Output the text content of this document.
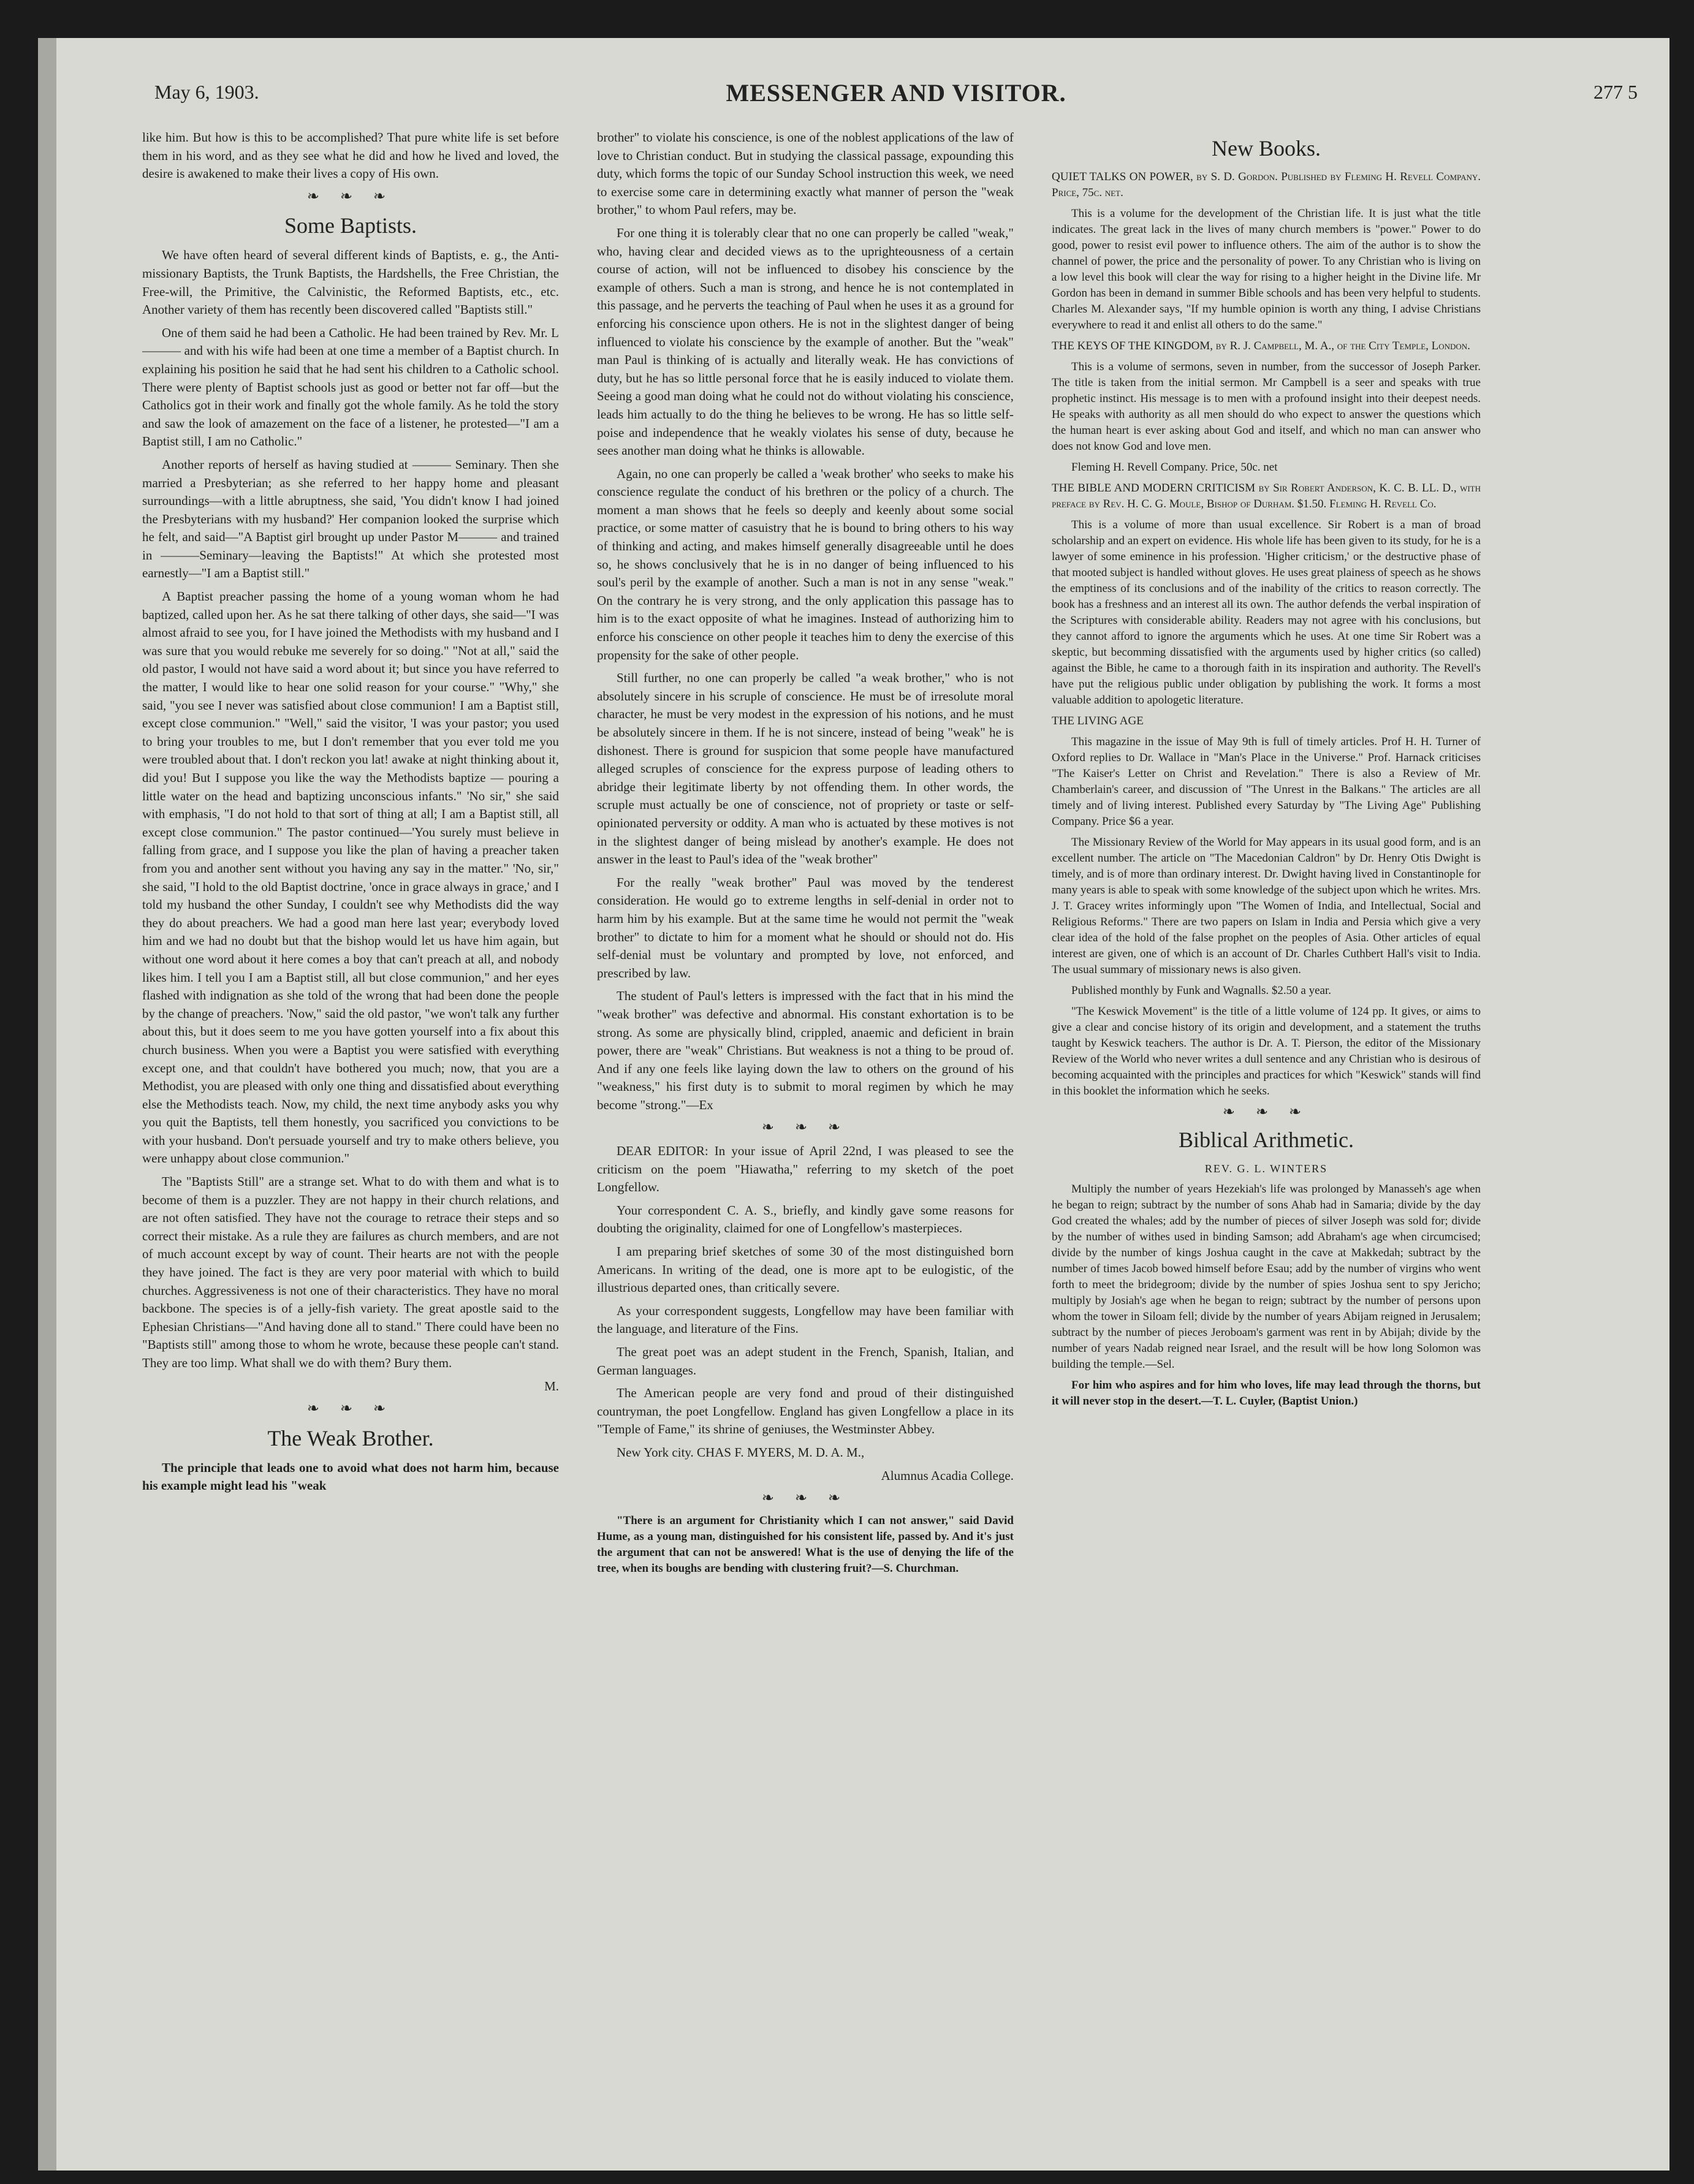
May 6, 1903.	MESSENGER AND VISITOR.	277 5

like him. But how is this to be accomplished? That pure white life is set before them in his word, and as they see what he did and how he lived and loved, the desire is awakened to make their lives a copy of His own.

❧ ❧ ❧

Some Baptists.

We have often heard of several different kinds of Baptists, e. g., the Anti-missionary Baptists, the Trunk Baptists, the Hardshells, the Free Christian, the Free-will, the Primitive, the Calvinistic, the Reformed Baptists, etc., etc. Another variety of them has recently been discovered called "Baptists still."

One of them said he had been a Catholic. He had been trained by Rev. Mr. L——— and with his wife had been at one time a member of a Baptist church. In explaining his position he said that he had sent his children to a Catholic school. There were plenty of Baptist schools just as good or better not far off—but the Catholics got in their work and finally got the whole family. As he told the story and saw the look of amazement on the face of a listener, he protested—"I am a Baptist still, I am no Catholic."

Another reports of herself as having studied at ——— Seminary. Then she married a Presbyterian; as she referred to her happy home and pleasant surroundings—with a little abruptness, she said, 'You didn't know I had joined the Presbyterians with my husband?' Her companion looked the surprise which he felt, and said—"A Baptist girl brought up under Pastor M——— and trained in ———Seminary—leaving the Baptists!" At which she protested most earnestly—"I am a Baptist still."

A Baptist preacher passing the home of a young woman whom he had baptized, called upon her. As he sat there talking of other days, she said—"I was almost afraid to see you, for I have joined the Methodists with my husband and I was sure that you would rebuke me severely for so doing." "Not at all," said the old pastor, I would not have said a word about it; but since you have referred to the matter, I would like to hear one solid reason for your course." "Why," she said, "you see I never was satisfied about close communion! I am a Baptist still, except close communion." "Well," said the visitor, 'I was your pastor; you used to bring your troubles to me, but I don't remember that you ever told me you were troubled about that. I don't reckon you lat! awake at night thinking about it, did you! But I suppose you like the way the Methodists baptize — pouring a little water on the head and baptizing unconscious infants." 'No sir," she said with emphasis, "I do not hold to that sort of thing at all; I am a Baptist still, all except close communion." The pastor continued—'You surely must believe in falling from grace, and I suppose you like the plan of having a preacher taken from you and another sent without you having any say in the matter." 'No, sir," she said, "I hold to the old Baptist doctrine, 'once in grace always in grace,' and I told my husband the other Sunday, I couldn't see why Methodists did the way they do about preachers. We had a good man here last year; everybody loved him and we had no doubt but that the bishop would let us have him again, but without one word about it here comes a boy that can't preach at all, and nobody likes him. I tell you I am a Baptist still, all but close communion," and her eyes flashed with indignation as she told of the wrong that had been done the people by the change of preachers. 'Now," said the old pastor, "we won't talk any further about this, but it does seem to me you have gotten yourself into a fix about this church business. When you were a Baptist you were satisfied with everything except one, and that couldn't have bothered you much; now, that you are a Methodist, you are pleased with only one thing and dissatisfied about everything else the Methodists teach. Now, my child, the next time anybody asks you why you quit the Baptists, tell them honestly, you sacrificed you convictions to be with your husband. Don't persuade yourself and try to make others believe, you were unhappy about close communion."

The "Baptists Still" are a strange set. What to do with them and what is to become of them is a puzzler. They are not happy in their church relations, and are not often satisfied. They have not the courage to retrace their steps and so correct their mistake. As a rule they are failures as church members, and are not of much account except by way of count. Their hearts are not with the people they have joined. The fact is they are very poor material with which to build churches. Aggressiveness is not one of their characteristics. They have no moral backbone. The species is of a jelly-fish variety. The great apostle said to the Ephesian Christians—"And having done all to stand." There could have been no "Baptists still" among those to whom he wrote, because these people can't stand. They are too limp. What shall we do with them? Bury them.

M.

❧ ❧ ❧

The Weak Brother.

The principle that leads one to avoid what does not harm him, because his example might lead his "weak

brother" to violate his conscience, is one of the noblest applications of the law of love to Christian conduct. But in studying the classical passage, expounding this duty, which forms the topic of our Sunday School instruction this week, we need to exercise some care in determining exactly what manner of person the "weak brother," to whom Paul refers, may be.

For one thing it is tolerably clear that no one can properly be called "weak," who, having clear and decided views as to the uprighteousness of a certain course of action, will not be influenced to disobey his conscience by the example of others. Such a man is strong, and hence he is not contemplated in this passage, and he perverts the teaching of Paul when he uses it as a ground for enforcing his conscience upon others. He is not in the slightest danger of being influenced to violate his conscience by the example of another. But the "weak" man Paul is thinking of is actually and literally weak. He has convictions of duty, but he has so little personal force that he is easily induced to violate them. Seeing a good man doing what he could not do without violating his conscience, leads him actually to do the thing he believes to be wrong. He has so little self-poise and independence that he weakly violates his sense of duty, because he sees another man doing what he thinks is allowable.

Again, no one can properly be called a 'weak brother' who seeks to make his conscience regulate the conduct of his brethren or the policy of a church. The moment a man shows that he feels so deeply and keenly about some social practice, or some matter of casuistry that he is bound to bring others to his way of thinking and acting, and makes himself generally disagreeable until he does so, he shows conclusively that he is in no danger of being influenced to his soul's peril by the example of another. Such a man is not in any sense "weak." On the contrary he is very strong, and the only application this passage has to him is to the exact opposite of what he imagines. Instead of authorizing him to enforce his conscience on other people it teaches him to deny the exercise of this propensity for the sake of other people.

Still further, no one can properly be called "a weak brother," who is not absolutely sincere in his scruple of conscience. He must be of irresolute moral character, he must be very modest in the expression of his notions, and he must be absolutely sincere in them. If he is not sincere, instead of being "weak" he is dishonest. There is ground for suspicion that some people have manufactured alleged scruples of conscience for the express purpose of leading others to abridge their legitimate liberty by not offending them. In other words, the scruple must actually be one of conscience, not of propriety or taste or self-opinionated perversity or oddity. A man who is actuated by these motives is not in the slightest danger of being mislead by another's example. He does not answer in the least to Paul's idea of the "weak brother"

For the really "weak brother" Paul was moved by the tenderest consideration. He would go to extreme lengths in self-denial in order not to harm him by his example. But at the same time he would not permit the "weak brother" to dictate to him for a moment what he should or should not do. His self-denial must be voluntary and prompted by love, not enforced, and prescribed by law.

The student of Paul's letters is impressed with the fact that in his mind the "weak brother" was defective and abnormal. His constant exhortation is to be strong. As some are physically blind, crippled, anaemic and deficient in brain power, there are "weak" Christians. But weakness is not a thing to be proud of. And if any one feels like laying down the law to others on the ground of his "weakness," his first duty is to submit to moral regimen by which he may become "strong."—Ex

❧ ❧ ❧

DEAR EDITOR: In your issue of April 22nd, I was pleased to see the criticism on the poem "Hiawatha," referring to my sketch of the poet Longfellow.

Your correspondent C. A. S., briefly, and kindly gave some reasons for doubting the originality, claimed for one of Longfellow's masterpieces.

I am preparing brief sketches of some 30 of the most distinguished born Americans. In writing of the dead, one is more apt to be eulogistic, of the illustrious departed ones, than critically severe.

As your correspondent suggests, Longfellow may have been familiar with the language, and literature of the Fins.

The great poet was an adept student in the French, Spanish, Italian, and German languages.

The American people are very fond and proud of their distinguished countryman, the poet Longfellow. England has given Longfellow a place in its "Temple of Fame," its shrine of geniuses, the Westminster Abbey.

New York city. CHAS F. MYERS, M. D. A. M.,

Alumnus Acadia College.

❧ ❧ ❧

"There is an argument for Christianity which I can not answer," said David Hume, as a young man, distinguished for his consistent life, passed by. And it's just the argument that can not be answered! What is the use of denying the life of the tree, when its boughs are bending with clustering fruit?—S. Churchman.

New Books.

QUIET TALKS ON POWER, by S. D. Gordon. Published by Fleming H. Revell Company. Price, 75c. net.

This is a volume for the development of the Christian life. It is just what the title indicates. The great lack in the lives of many church members is "power." Power to do good, power to resist evil power to influence others. The aim of the author is to show the channel of power, the price and the personality of power. To any Christian who is living on a low level this book will clear the way for rising to a higher height in the Divine life. Mr Gordon has been in demand in summer Bible schools and has been very helpful to students. Charles M. Alexander says, "If my humble opinion is worth any thing, I advise Christians everywhere to read it and enlist all others to do the same."

THE KEYS OF THE KINGDOM, by R. J. Campbell, M. A., of the City Temple, London.

This is a volume of sermons, seven in number, from the successor of Joseph Parker. The title is taken from the initial sermon. Mr Campbell is a seer and speaks with true prophetic instinct. His message is to men with a profound insight into their deepest needs. He speaks with authority as all men should do who expect to answer the questions which the human heart is ever asking about God and itself, and which no man can answer who does not know God and love men.

Fleming H. Revell Company. Price, 50c. net

THE BIBLE AND MODERN CRITICISM by Sir Robert Anderson, K. C. B. LL. D., with preface by Rev. H. C. G. Moule, Bishop of Durham. $1.50. Fleming H. Revell Co.

This is a volume of more than usual excellence. Sir Robert is a man of broad scholarship and an expert on evidence. His whole life has been given to its study, for he is a lawyer of some eminence in his profession. 'Higher criticism,' or the destructive phase of that mooted subject is handled without gloves. He uses great plainess of speech as he shows the emptiness of its conclusions and of the inability of the critics to reason correctly. The book has a freshness and an interest all its own. The author defends the verbal inspiration of the Scriptures with considerable ability. Readers may not agree with his conclusions, but they cannot afford to ignore the arguments which he uses. At one time Sir Robert was a skeptic, but becomming dissatisfied with the arguments used by higher critics (so called) against the Bible, he came to a thorough faith in its inspiration and authority. The Revell's have put the religious public under obligation by publishing the work. It forms a most valuable addition to apologetic literature.

THE LIVING AGE

This magazine in the issue of May 9th is full of timely articles. Prof H. H. Turner of Oxford replies to Dr. Wallace in "Man's Place in the Universe." Prof. Harnack criticises "The Kaiser's Letter on Christ and Revelation." There is also a Review of Mr. Chamberlain's career, and discussion of "The Unrest in the Balkans." The articles are all timely and of living interest. Published every Saturday by "The Living Age" Publishing Company. Price $6 a year.

The Missionary Review of the World for May appears in its usual good form, and is an excellent number. The article on "The Macedonian Caldron" by Dr. Henry Otis Dwight is timely, and is of more than ordinary interest. Dr. Dwight having lived in Constantinople for many years is able to speak with some knowledge of the subject upon which he writes. Mrs. J. T. Gracey writes informingly upon "The Women of India, and Intellectual, Social and Religious Reforms." There are two papers on Islam in India and Persia which give a very clear idea of the hold of the false prophet on the peoples of Asia. Other articles of equal interest are given, one of which is an account of Dr. Charles Cuthbert Hall's visit to India. The usual summary of missionary news is also given.

Published monthly by Funk and Wagnalls. $2.50 a year.

"The Keswick Movement" is the title of a little volume of 124 pp. It gives, or aims to give a clear and concise history of its origin and development, and a statement the truths taught by Keswick teachers. The author is Dr. A. T. Pierson, the editor of the Missionary Review of the World who never writes a dull sentence and any Christian who is desirous of becoming acquainted with the principles and practices for which "Keswick" stands will find in this booklet the information which he seeks.

❧ ❧ ❧

Biblical Arithmetic.

REV. G. L. WINTERS

Multiply the number of years Hezekiah's life was prolonged by Manasseh's age when he began to reign; subtract by the number of sons Ahab had in Samaria; divide by the day God created the whales; add by the number of pieces of silver Joseph was sold for; divide by the number of withes used in binding Samson; add Abraham's age when circumcised; divide by the number of kings Joshua caught in the cave at Makkedah; subtract by the number of times Jacob bowed himself before Esau; add by the number of virgins who went forth to meet the bridegroom; divide by the number of spies Joshua sent to spy Jericho; multiply by Josiah's age when he began to reign; subtract by the number of persons upon whom the tower in Siloam fell; divide by the number of years Abijam reigned in Jerusalem; subtract by the number of pieces Jeroboam's garment was rent in by Abijah; divide by the number of years Nadab reigned near Israel, and the result will be how long Solomon was building the temple.—Sel.

For him who aspires and for him who loves, life may lead through the thorns, but it will never stop in the desert.—T. L. Cuyler, (Baptist Union.)
